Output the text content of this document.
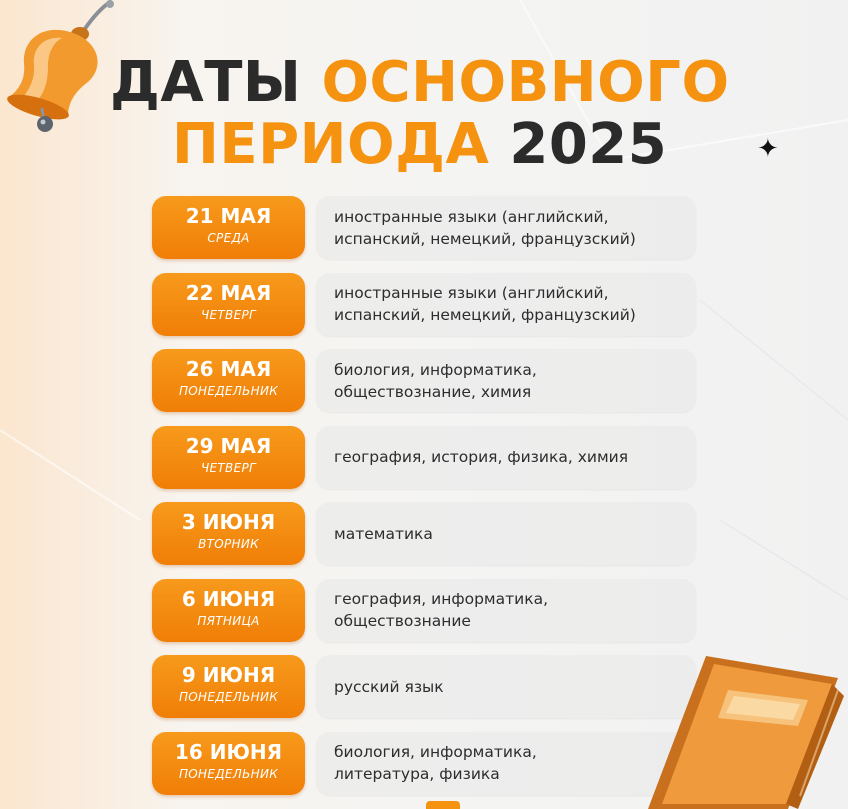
ДАТЫ ОСНОВНОГО
ПЕРИОДА 2025	✦
21 МАЯ
СРЕДА
иностранные языки (английский,
испанский, немецкий, французский)
22 МАЯ
ЧЕТВЕРГ
иностранные языки (английский,
испанский, немецкий, французский)
26 МАЯ
ПОНЕДЕЛЬНИК
биология, информатика,
обществознание, химия
29 МАЯ
ЧЕТВЕРГ
география, история, физика, химия
3 ИЮНЯ
ВТОРНИК
математика
6 ИЮНЯ
ПЯТНИЦА
география, информатика,
обществознание
9 ИЮНЯ
ПОНЕДЕЛЬНИК
русский язык
16 ИЮНЯ
ПОНЕДЕЛЬНИК
биология, информатика,
литература, физика
